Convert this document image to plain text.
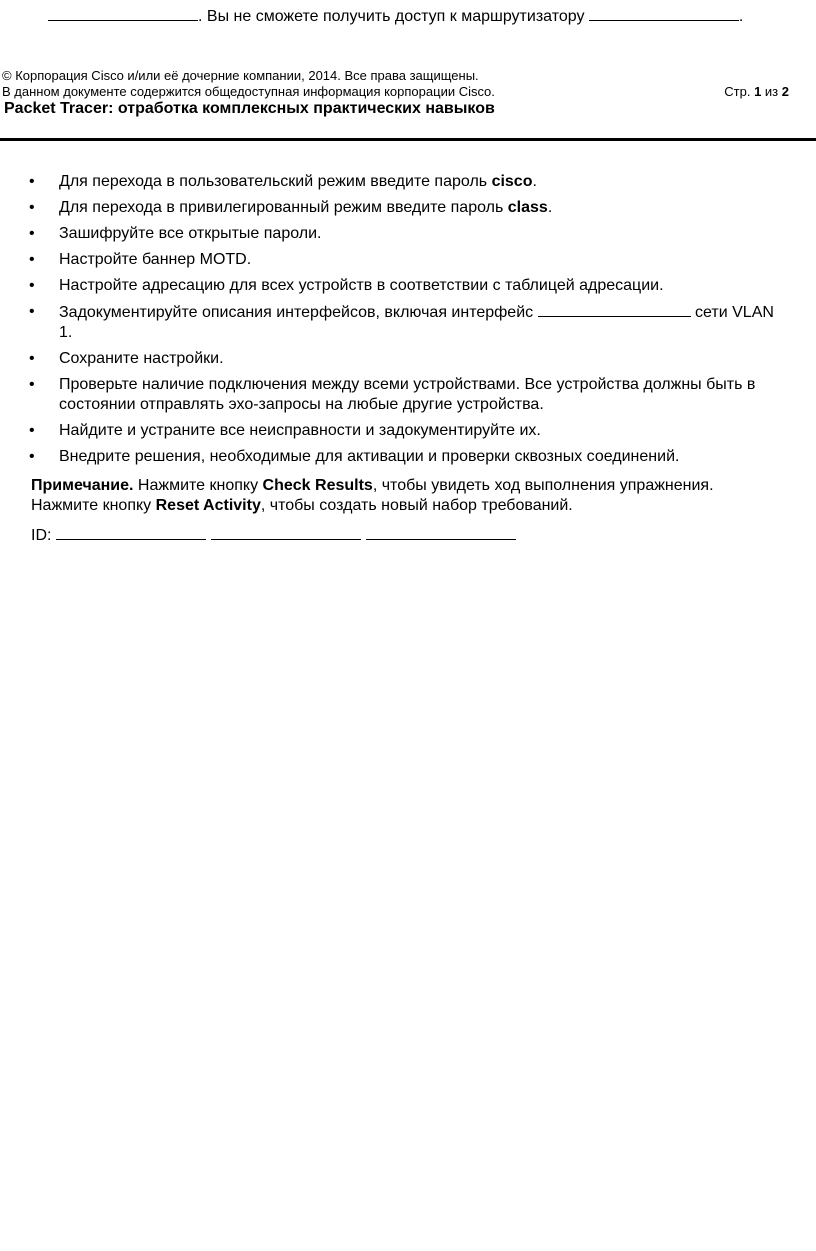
. Вы не сможете получить доступ к маршрутизатору	.
© Корпорация Cisco и/или её дочерние компании, 2014. Все права защищены.
В данном документе содержится общедоступная информация корпорации Cisco.	Стр. 1 из 2
Packet Tracer: отработка комплексных практических навыков
• Для перехода в пользовательский режим введите пароль cisco.
• Для перехода в привилегированный режим введите пароль class.
• Зашифруйте все открытые пароли.
• Настройте баннер MOTD.
• Настройте адресацию для всех устройств в соответствии с таблицей адресации.
• Задокументируйте описания интерфейсов, включая интерфейс	сети VLAN
1.
• Сохраните настройки.
• Проверьте наличие подключения между всеми устройствами. Все устройства должны быть в
состоянии отправлять эхо-запросы на любые другие устройства.
• Найдите и устраните все неисправности и задокументируйте их.
• Внедрите решения, необходимые для активации и проверки сквозных соединений.
Примечание. Нажмите кнопку Check Results, чтобы увидеть ход выполнения упражнения.
Нажмите кнопку Reset Activity, чтобы создать новый набор требований.
ID:
